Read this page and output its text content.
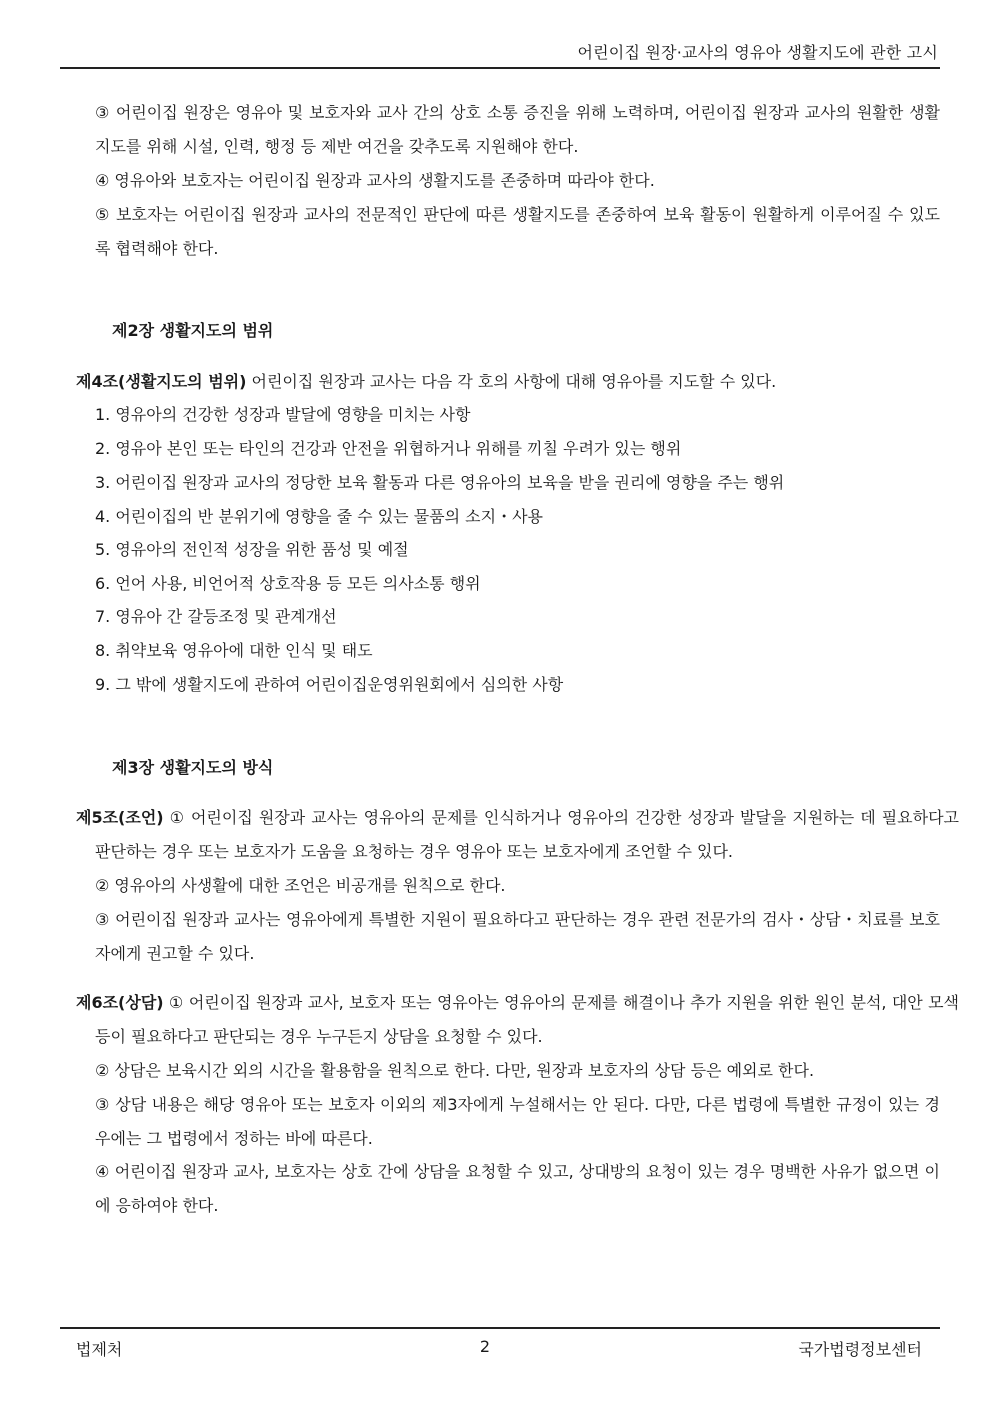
어린이집 원장·교사의 영유아 생활지도에 관한 고시
③ 어린이집 원장은 영유아 및 보호자와 교사 간의 상호 소통 증진을 위해 노력하며, 어린이집 원장과 교사의 원활한 생활지도를 위해 시설, 인력, 행정 등 제반 여건을 갖추도록 지원해야 한다.
④ 영유아와 보호자는 어린이집 원장과 교사의 생활지도를 존중하며 따라야 한다.
⑤ 보호자는 어린이집 원장과 교사의 전문적인 판단에 따른 생활지도를 존중하여 보육 활동이 원활하게 이루어질 수 있도록 협력해야 한다.
제2장 생활지도의 범위
제4조(생활지도의 범위) 어린이집 원장과 교사는 다음 각 호의 사항에 대해 영유아를 지도할 수 있다.
1. 영유아의 건강한 성장과 발달에 영향을 미치는 사항
2. 영유아 본인 또는 타인의 건강과 안전을 위협하거나 위해를 끼칠 우려가 있는 행위
3. 어린이집 원장과 교사의 정당한 보육 활동과 다른 영유아의 보육을 받을 권리에 영향을 주는 행위
4. 어린이집의 반 분위기에 영향을 줄 수 있는 물품의 소지・사용
5. 영유아의 전인적 성장을 위한 품성 및 예절
6. 언어 사용, 비언어적 상호작용 등 모든 의사소통 행위
7. 영유아 간 갈등조정 및 관계개선
8. 취약보육 영유아에 대한 인식 및 태도
9. 그 밖에 생활지도에 관하여 어린이집운영위원회에서 심의한 사항
제3장 생활지도의 방식
제5조(조언) ① 어린이집 원장과 교사는 영유아의 문제를 인식하거나 영유아의 건강한 성장과 발달을 지원하는 데 필요하다고 판단하는 경우 또는 보호자가 도움을 요청하는 경우 영유아 또는 보호자에게 조언할 수 있다.
② 영유아의 사생활에 대한 조언은 비공개를 원칙으로 한다.
③ 어린이집 원장과 교사는 영유아에게 특별한 지원이 필요하다고 판단하는 경우 관련 전문가의 검사・상담・치료를 보호자에게 권고할 수 있다.
제6조(상담) ① 어린이집 원장과 교사, 보호자 또는 영유아는 영유아의 문제를 해결이나 추가 지원을 위한 원인 분석, 대안 모색 등이 필요하다고 판단되는 경우 누구든지 상담을 요청할 수 있다.
② 상담은 보육시간 외의 시간을 활용함을 원칙으로 한다. 다만, 원장과 보호자의 상담 등은 예외로 한다.
③ 상담 내용은 해당 영유아 또는 보호자 이외의 제3자에게 누설해서는 안 된다. 다만, 다른 법령에 특별한 규정이 있는 경우에는 그 법령에서 정하는 바에 따른다.
④ 어린이집 원장과 교사, 보호자는 상호 간에 상담을 요청할 수 있고, 상대방의 요청이 있는 경우 명백한 사유가 없으면 이에 응하여야 한다.
법제처	2	국가법령정보센터
